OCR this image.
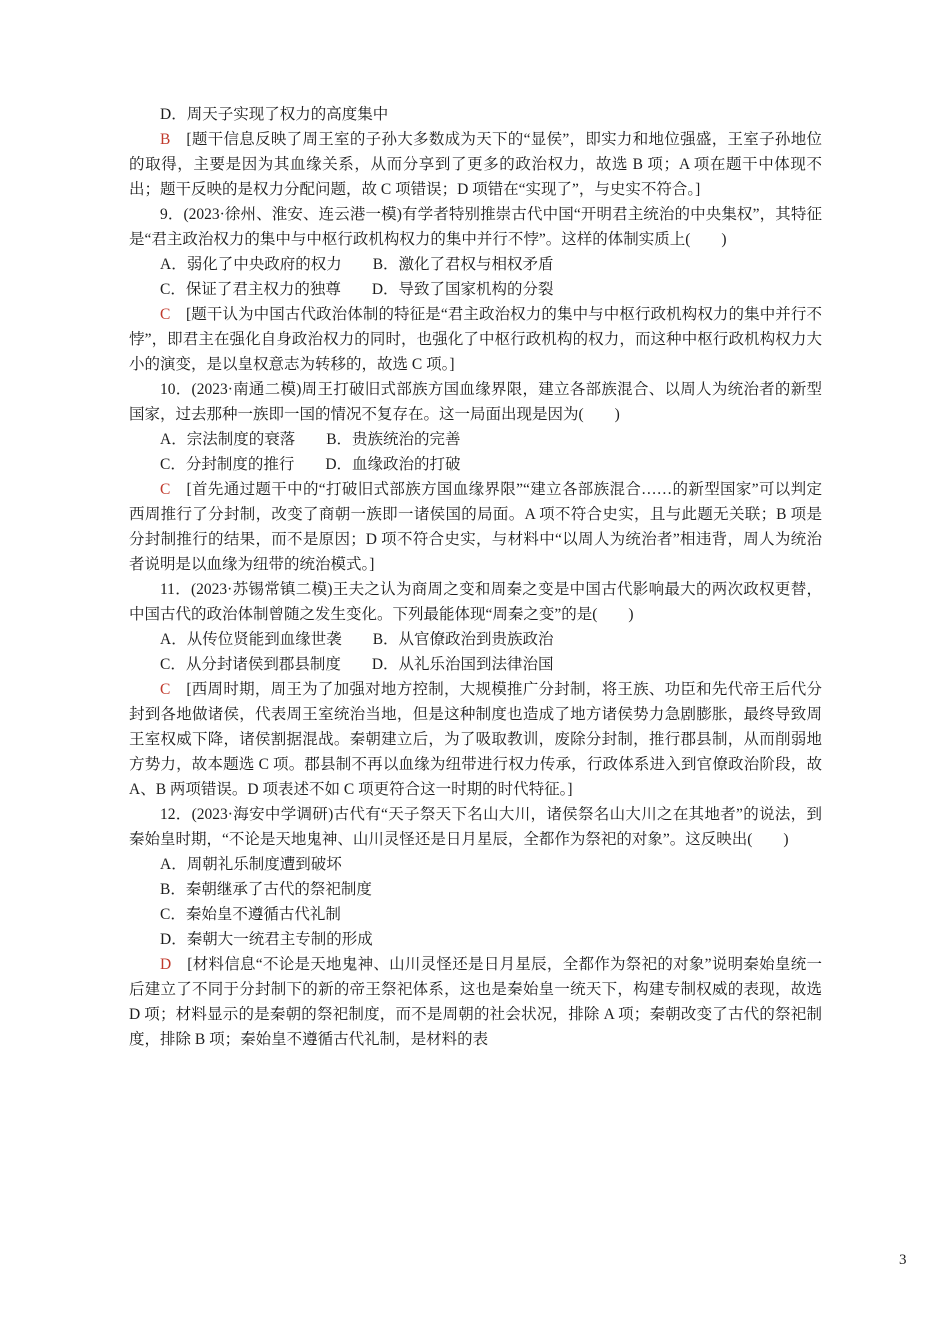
D．周天子实现了权力的高度集中

B　[题干信息反映了周王室的子孙大多数成为天下的“显侯”，即实力和地位强盛，王室子孙地位的取得，主要是因为其血缘关系，从而分享到了更多的政治权力，故选 B 项；A 项在题干中体现不出；题干反映的是权力分配问题，故 C 项错误；D 项错在“实现了”，与史实不符合。]

9．(2023·徐州、淮安、连云港一模)有学者特别推崇古代中国“开明君主统治的中央集权”，其特征是“君主政治权力的集中与中枢行政机构权力的集中并行不悖”。这样的体制实质上(　　)

A．弱化了中央政府的权力　　B．激化了君权与相权矛盾

C．保证了君主权力的独尊　　D．导致了国家机构的分裂

C　[题干认为中国古代政治体制的特征是“君主政治权力的集中与中枢行政机构权力的集中并行不悖”，即君主在强化自身政治权力的同时，也强化了中枢行政机构的权力，而这种中枢行政机构权力大小的演变，是以皇权意志为转移的，故选 C 项。]

10．(2023·南通二模)周王打破旧式部族方国血缘界限，建立各部族混合、以周人为统治者的新型国家，过去那种一族即一国的情况不复存在。这一局面出现是因为(　　)

A．宗法制度的衰落　　B．贵族统治的完善

C．分封制度的推行　　D．血缘政治的打破

C　[首先通过题干中的“打破旧式部族方国血缘界限”“建立各部族混合……的新型国家”可以判定西周推行了分封制，改变了商朝一族即一诸侯国的局面。A 项不符合史实，且与此题无关联；B 项是分封制推行的结果，而不是原因；D 项不符合史实，与材料中“以周人为统治者”相违背，周人为统治者说明是以血缘为纽带的统治模式。]

11．(2023·苏锡常镇二模)王夫之认为商周之变和周秦之变是中国古代影响最大的两次政权更替，中国古代的政治体制曾随之发生变化。下列最能体现“周秦之变”的是(　　)

A．从传位贤能到血缘世袭　　B．从官僚政治到贵族政治

C．从分封诸侯到郡县制度　　D．从礼乐治国到法律治国

C　[西周时期，周王为了加强对地方控制，大规模推广分封制，将王族、功臣和先代帝王后代分封到各地做诸侯，代表周王室统治当地，但是这种制度也造成了地方诸侯势力急剧膨胀，最终导致周王室权威下降，诸侯割据混战。秦朝建立后，为了吸取教训，废除分封制，推行郡县制，从而削弱地方势力，故本题选 C 项。郡县制不再以血缘为纽带进行权力传承，行政体系进入到官僚政治阶段，故 A、B 两项错误。D 项表述不如 C 项更符合这一时期的时代特征。]

12．(2023·海安中学调研)古代有“天子祭天下名山大川，诸侯祭名山大川之在其地者”的说法，到秦始皇时期，“不论是天地鬼神、山川灵怪还是日月星辰，全都作为祭祀的对象”。这反映出(　　)

A．周朝礼乐制度遭到破坏

B．秦朝继承了古代的祭祀制度

C．秦始皇不遵循古代礼制

D．秦朝大一统君主专制的形成

D　[材料信息“不论是天地鬼神、山川灵怪还是日月星辰，全都作为祭祀的对象”说明秦始皇统一后建立了不同于分封制下的新的帝王祭祀体系，这也是秦始皇一统天下，构建专制权威的表现，故选 D 项；材料显示的是秦朝的祭祀制度，而不是周朝的社会状况，排除 A 项；秦朝改变了古代的祭祀制度，排除 B 项；秦始皇不遵循古代礼制，是材料的表

3
